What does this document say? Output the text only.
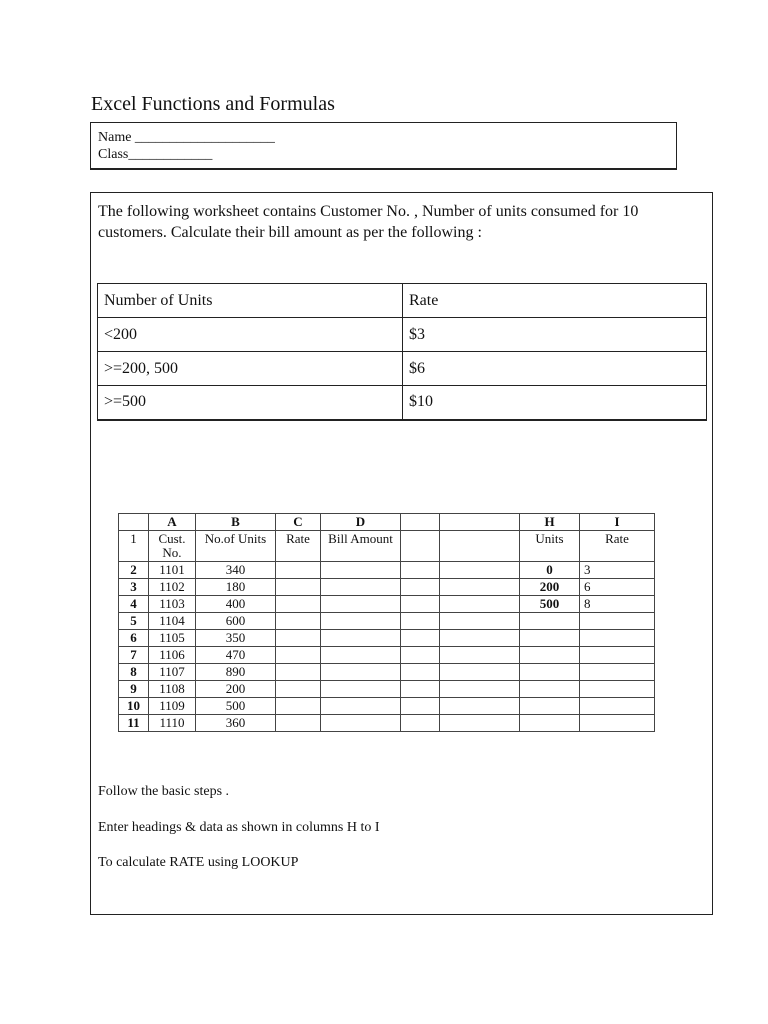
Excel Functions and Formulas
Name ____________________
Class____________

The following worksheet contains Customer No. , Number of units consumed for 10 customers. Calculate their bill amount as per the following :

Number of Units	Rate
<200	$3
>=200, 500	$6
>=500	$10
	A	B	C	D			H	I
1	Cust. No.	No.of Units	Rate	Bill Amount			Units	Rate
2	1101	340					0	3
3	1102	180					200	6
4	1103	400					500	8
5	1104	600						
6	1105	350						
7	1106	470						
8	1107	890						
9	1108	200						
10	1109	500						
11	1110	360						

Follow the basic steps .

Enter headings & data as shown in columns H to I

To calculate RATE using LOOKUP
